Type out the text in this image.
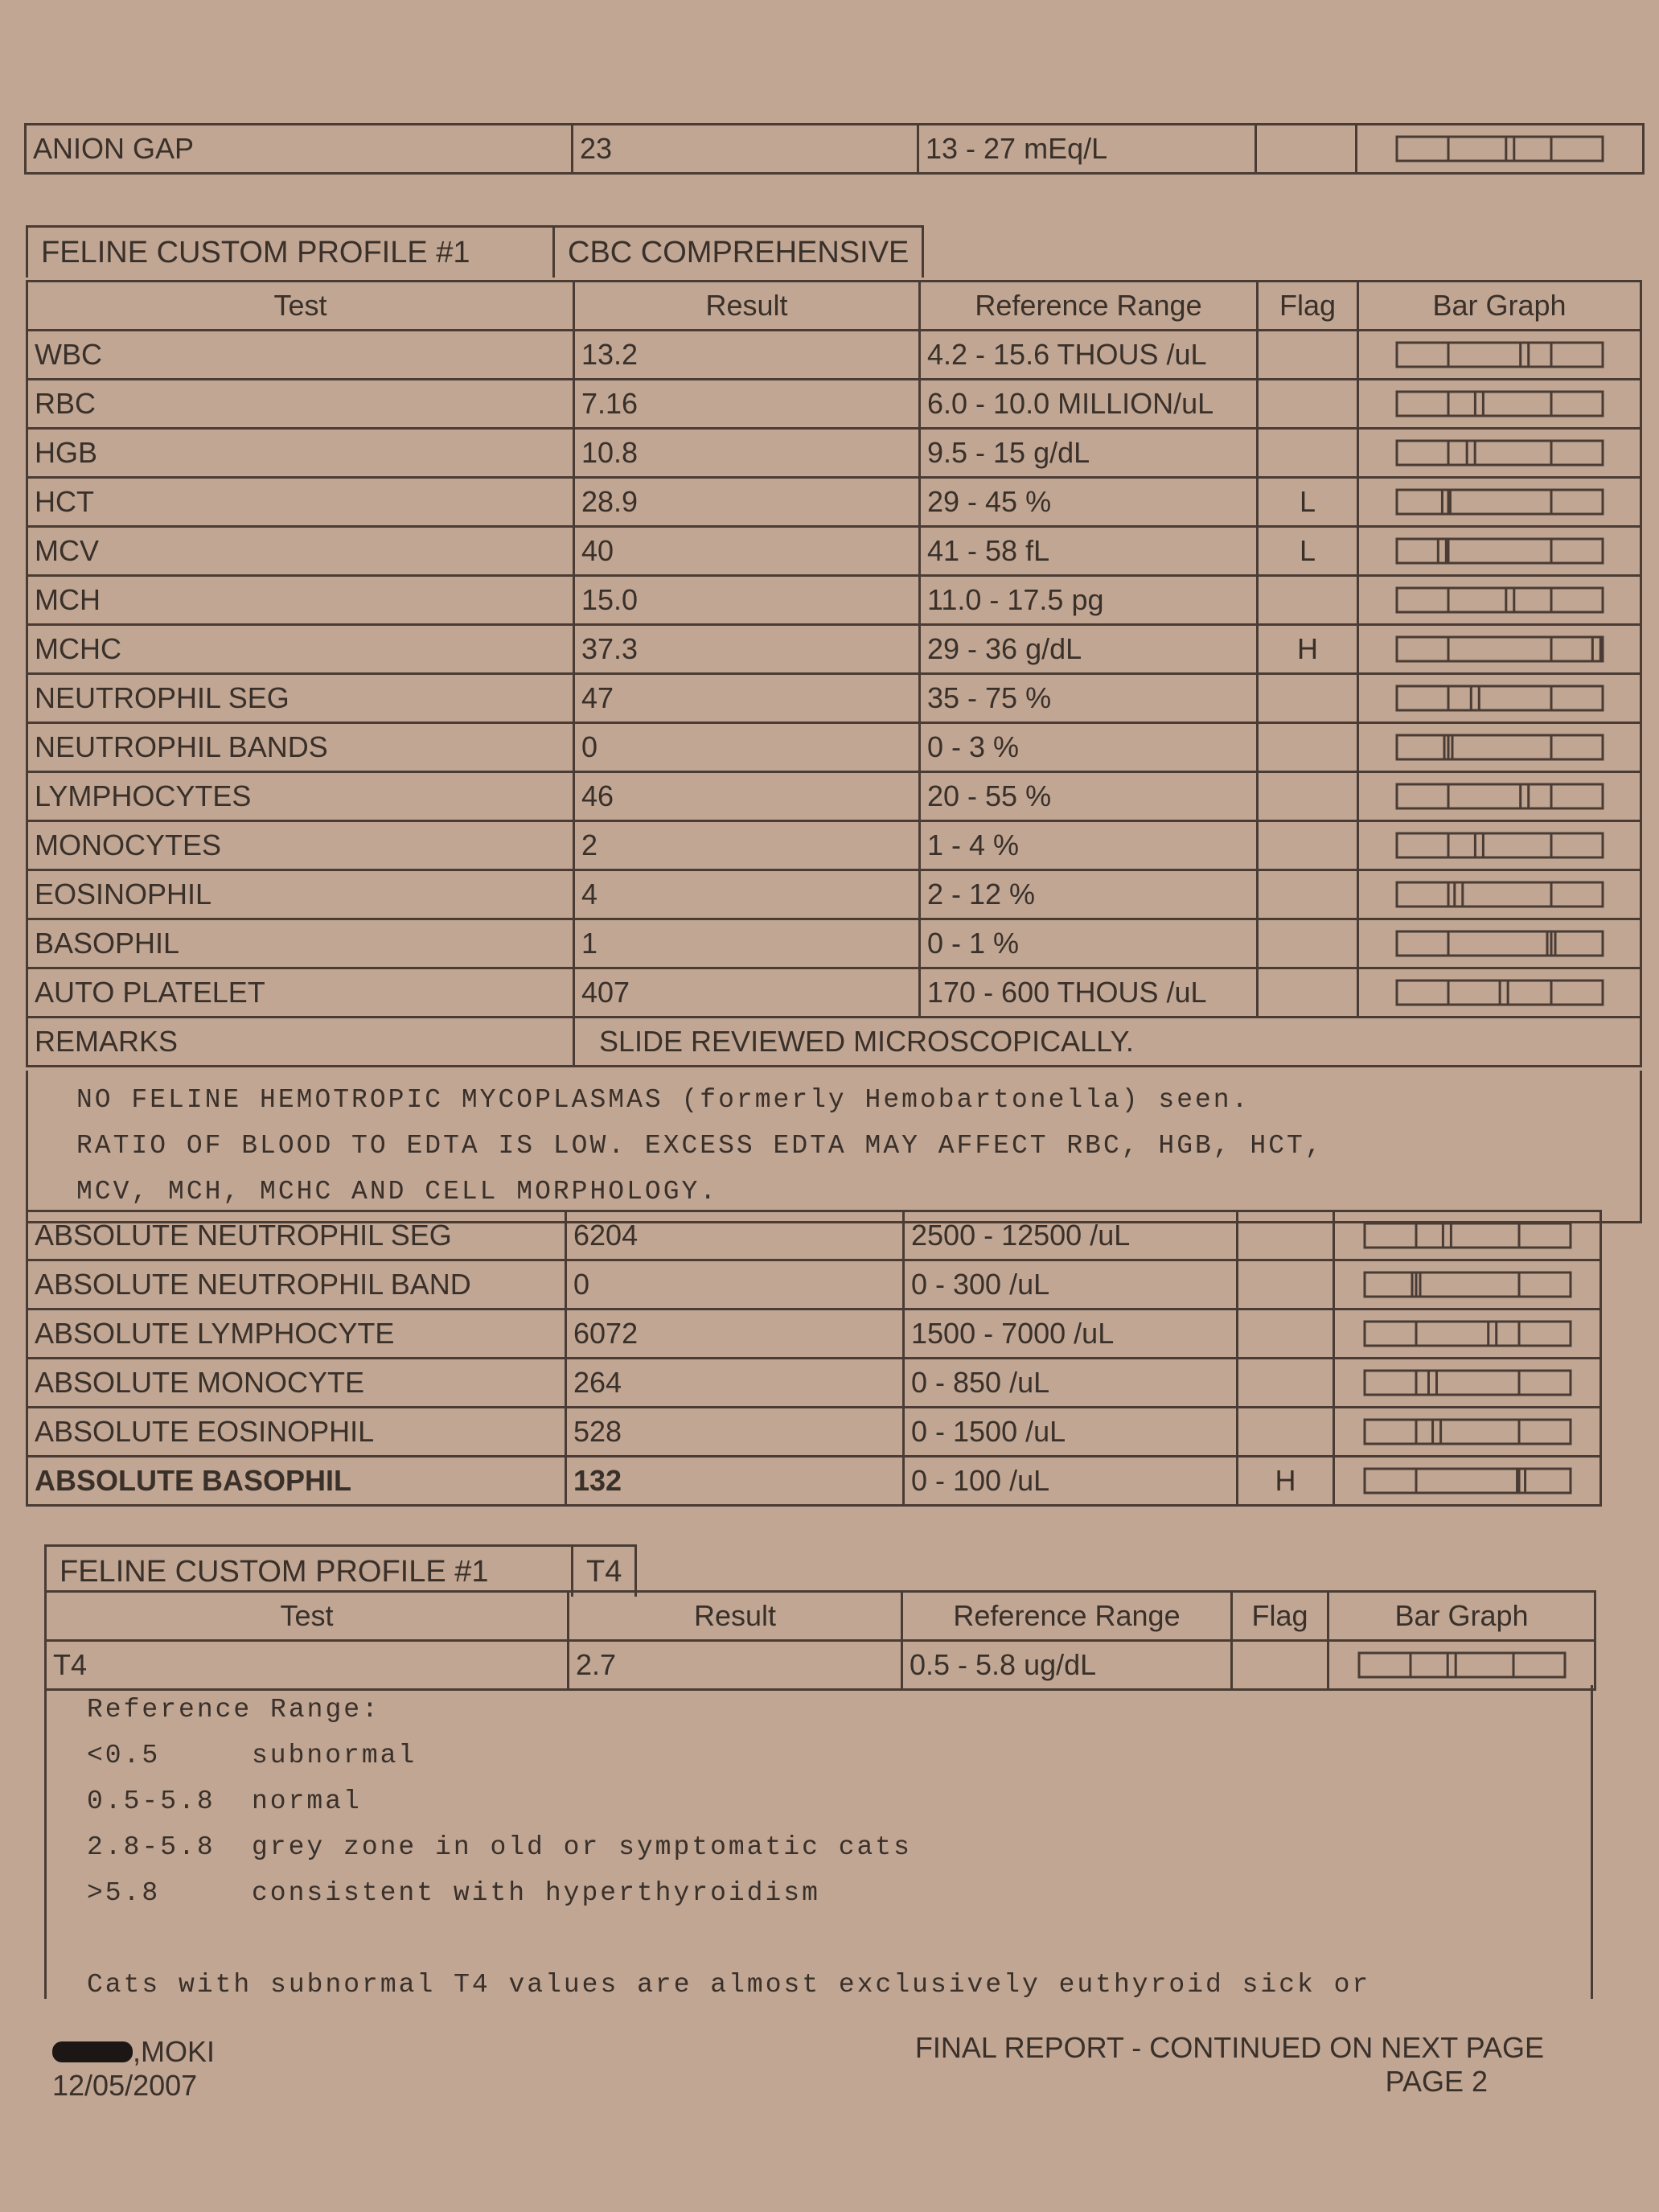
ANION GAP	23	13 - 27 mEq/L		
FELINE CUSTOM PROFILE #1	CBC COMPREHENSIVE
Test	Result	Reference Range	Flag	Bar Graph
WBC	13.2	4.2 - 15.6 THOUS /uL		

RBC	7.16	6.0 - 10.0 MILLION/uL		

HGB	10.8	9.5 - 15 g/dL		

HCT	28.9	29 - 45 %	L	

MCV	40	41 - 58 fL	L	

MCH	15.0	11.0 - 17.5 pg		

MCHC	37.3	29 - 36 g/dL	H	

NEUTROPHIL SEG	47	35 - 75 %		

NEUTROPHIL BANDS	0	0 - 3 %		

LYMPHOCYTES	46	20 - 55 %		

MONOCYTES	2	1 - 4 %		

EOSINOPHIL	4	2 - 12 %		

BASOPHIL	1	0 - 1 %		

AUTO PLATELET	407	170 - 600 THOUS /uL		

REMARKS	SLIDE REVIEWED MICROSCOPICALLY.			
NO FELINE HEMOTROPIC MYCOPLASMAS (formerly Hemobartonella) seen.
RATIO OF BLOOD TO EDTA IS LOW. EXCESS EDTA MAY AFFECT RBC, HGB, HCT,
MCV, MCH, MCHC AND CELL MORPHOLOGY.
ABSOLUTE NEUTROPHIL SEG	6204	2500 - 12500 /uL		

ABSOLUTE NEUTROPHIL BAND	0	0 - 300 /uL		

ABSOLUTE LYMPHOCYTE	6072	1500 - 7000 /uL		

ABSOLUTE MONOCYTE	264	0 - 850 /uL		

ABSOLUTE EOSINOPHIL	528	0 - 1500 /uL		

ABSOLUTE BASOPHIL	132	0 - 100 /uL	H	
FELINE CUSTOM PROFILE #1	T4
Test	Result	Reference Range	Flag	Bar Graph
T4	2.7	0.5 - 5.8 ug/dL		
Reference Range:
<0.5	subnormal
0.5-5.8 normal
2.8-5.8 grey zone in old or symptomatic cats
>5.8	consistent with hyperthyroidism
Cats with subnormal T4 values are almost exclusively euthyroid sick or
,MOKI
12/05/2007
FINAL REPORT - CONTINUED ON NEXT PAGE
PAGE 2
